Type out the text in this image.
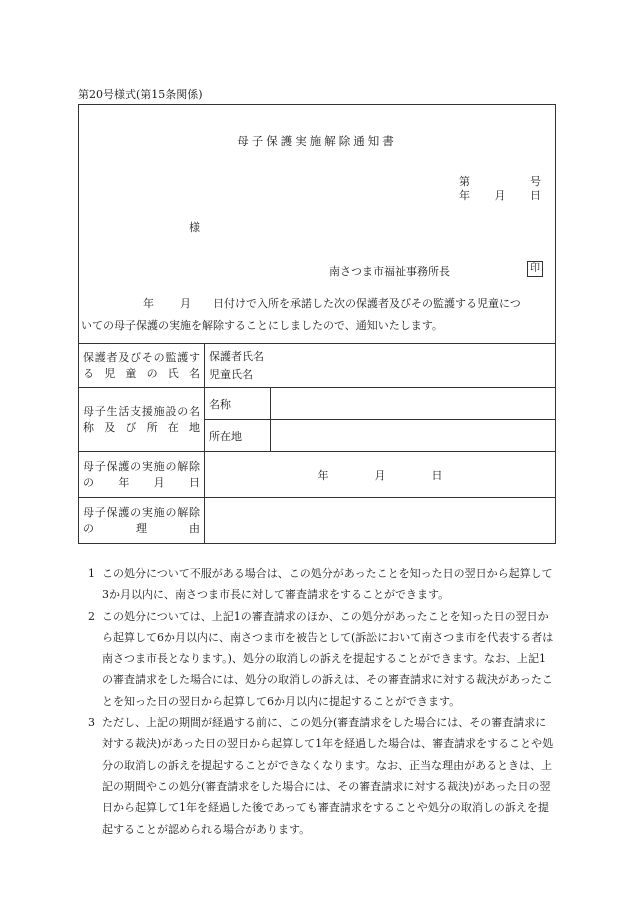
第20号様式(第15条関係)
母子保護実施解除通知書
第	号
年 月 日
様
南さつま市福祉事務所長	印
年 月 日付けで入所を承諾した次の保護者及びその監護する児童につ
いての母子保護の実施を解除することにしましたので、通知いたします。
保護者及びその監護する児童の氏名	保護者氏名
児童氏名	

母子生活支援施設の名称及び所在地	名称	

	所在地	
母子保護の実施の解除の年月日	年 月 日	
母子保護の実施の解除の理由		
1 この処分について不服がある場合は、この処分があったことを知った日の翌日から起算して3か月以内に、南さつま市長に対して審査請求をすることができます。
2 この処分については、上記1の審査請求のほか、この処分があったことを知った日の翌日から起算して6か月以内に、南さつま市を被告として(訴訟において南さつま市を代表する者は南さつま市長となります。)、処分の取消しの訴えを提起することができます。なお、上記1の審査請求をした場合には、処分の取消しの訴えは、その審査請求に対する裁決があったことを知った日の翌日から起算して6か月以内に提起することができます。
3 ただし、上記の期間が経過する前に、この処分(審査請求をした場合には、その審査請求に対する裁決)があった日の翌日から起算して1年を経過した場合は、審査請求をすることや処分の取消しの訴えを提起することができなくなります。なお、正当な理由があるときは、上記の期間やこの処分(審査請求をした場合には、その審査請求に対する裁決)があった日の翌日から起算して1年を経過した後であっても審査請求をすることや処分の取消しの訴えを提起することが認められる場合があります。
